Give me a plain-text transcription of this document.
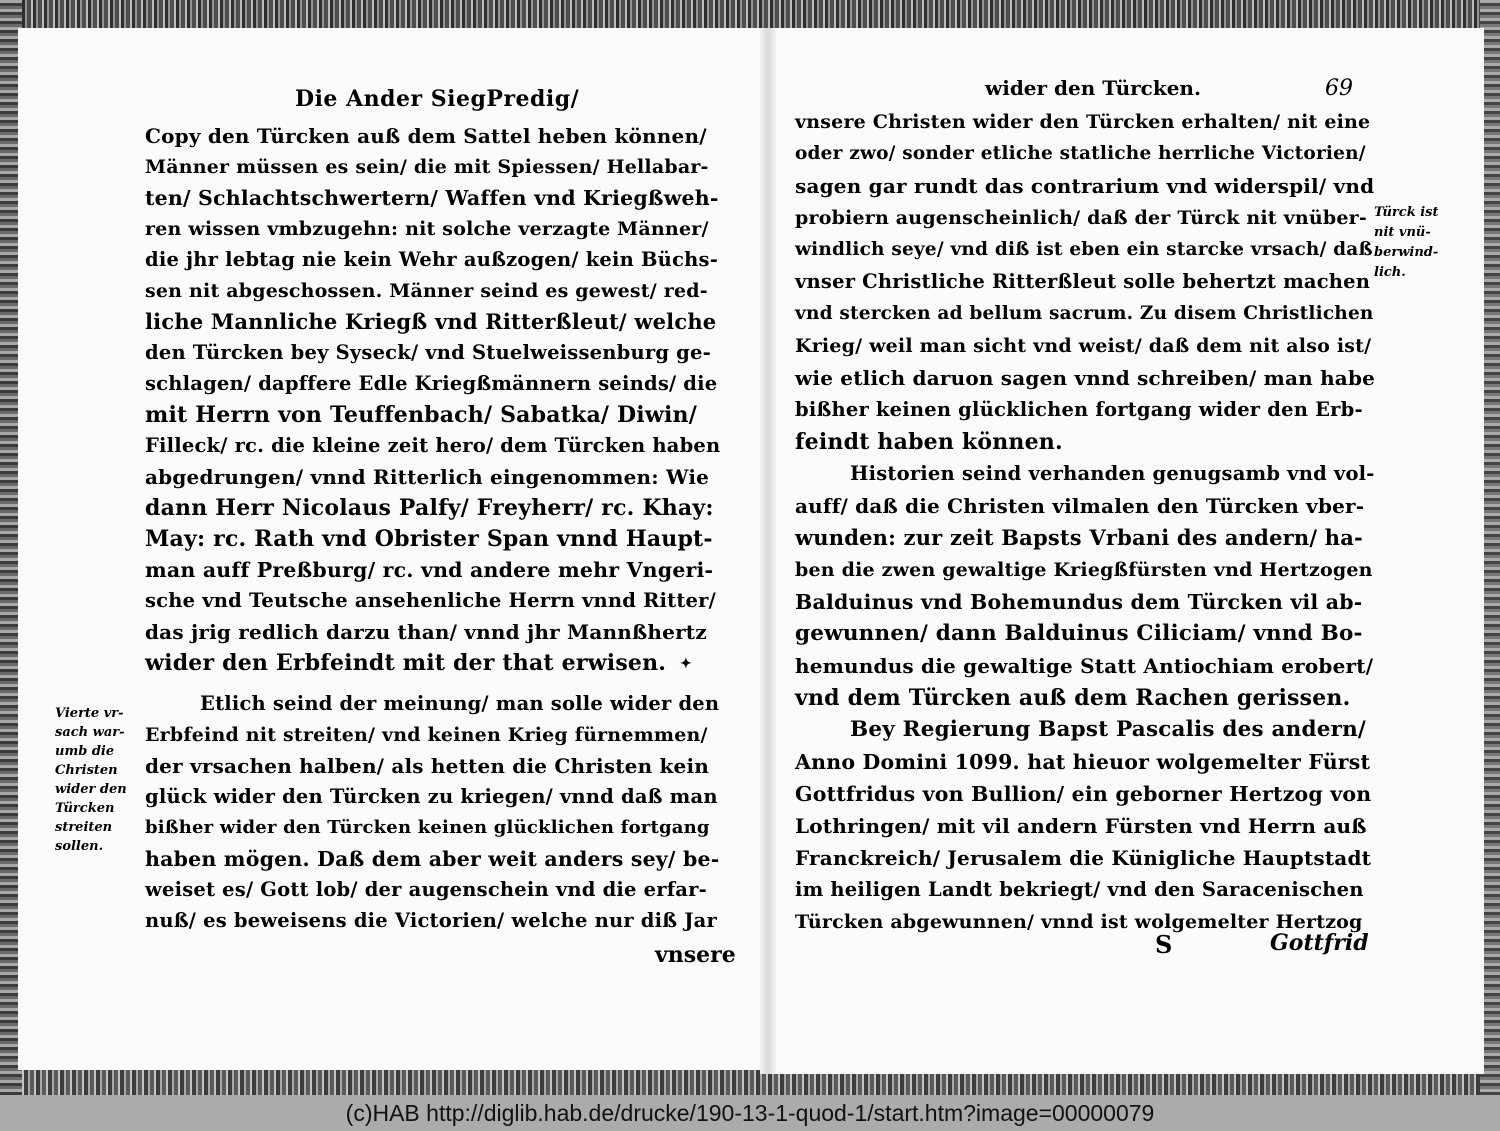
Die Ander SiegPredig/	wider den Türcken.	69
Copy den Türcken auß dem Sattel heben können/
Männer müssen es sein/ die mit Spiessen/ Hellabar-
ten/ Schlachtschwertern/ Waffen vnd Kriegßweh-
ren wissen vmbzugehn: nit solche verzagte Männer/
die jhr lebtag nie kein Wehr außzogen/ kein Büchs-
sen nit abgeschossen. Männer seind es gewest/ red-
liche Mannliche Kriegß vnd Ritterßleut/ welche
den Türcken bey Syseck/ vnd Stuelweissenburg ge-
schlagen/ dapffere Edle Kriegßmännern seinds/ die
mit Herrn von Teuffenbach/ Sabatka/ Diwin/
Filleck/ rc. die kleine zeit hero/ dem Türcken haben
abgedrungen/ vnnd Ritterlich eingenommen: Wie
dann Herr Nicolaus Palfy/ Freyherr/ rc. Khay:
May: rc. Rath vnd Obrister Span vnnd Haupt-
man auff Preßburg/ rc. vnd andere mehr Vngeri-
sche vnd Teutsche ansehenliche Herrn vnnd Ritter/
das jrig redlich darzu than/ vnnd jhr Mannßhertz
wider den Erbfeindt mit der that erwisen.
Etlich seind der meinung/ man solle wider den
Erbfeind nit streiten/ vnd keinen Krieg fürnemmen/
der vrsachen halben/ als hetten die Christen kein
glück wider den Türcken zu kriegen/ vnnd daß man
bißher wider den Türcken keinen glücklichen fortgang
haben mögen. Daß dem aber weit anders sey/ be-
weiset es/ Gott lob/ der augenschein vnd die erfar-
nuß/ es beweisens die Victorien/ welche nur diß Jar
✦
vnsere
Vierte vr-
sach war-
umb die
Christen
wider den
Türcken
streiten
sollen.
vnsere Christen wider den Türcken erhalten/ nit eine
oder zwo/ sonder etliche statliche herrliche Victorien/
sagen gar rundt das contrarium vnd widerspil/ vnd
probiern augenscheinlich/ daß der Türck nit vnüber-
windlich seye/ vnd diß ist eben ein starcke vrsach/ daß
vnser Christliche Ritterßleut solle behertzt machen
vnd stercken ad bellum sacrum. Zu disem Christlichen
Krieg/ weil man sicht vnd weist/ daß dem nit also ist/
wie etlich daruon sagen vnnd schreiben/ man habe
bißher keinen glücklichen fortgang wider den Erb-
feindt haben können.
Historien seind verhanden genugsamb vnd vol-
auff/ daß die Christen vilmalen den Türcken vber-
wunden: zur zeit Bapsts Vrbani des andern/ ha-
ben die zwen gewaltige Kriegßfürsten vnd Hertzogen
Balduinus vnd Bohemundus dem Türcken vil ab-
gewunnen/ dann Balduinus Ciliciam/ vnnd Bo-
hemundus die gewaltige Statt Antiochiam erobert/
vnd dem Türcken auß dem Rachen gerissen.
Bey Regierung Bapst Pascalis des andern/
Anno Domini 1099. hat hieuor wolgemelter Fürst
Gottfridus von Bullion/ ein geborner Hertzog von
Lothringen/ mit vil andern Fürsten vnd Herrn auß
Franckreich/ Jerusalem die Künigliche Hauptstadt
im heiligen Landt bekriegt/ vnd den Saracenischen
Türcken abgewunnen/ vnnd ist wolgemelter Hertzog
Türck ist
nit vnü-
berwind-
lich.
S	Gottfrid
(c)HAB http://diglib.hab.de/drucke/190-13-1-quod-1/start.htm?image=00000079
